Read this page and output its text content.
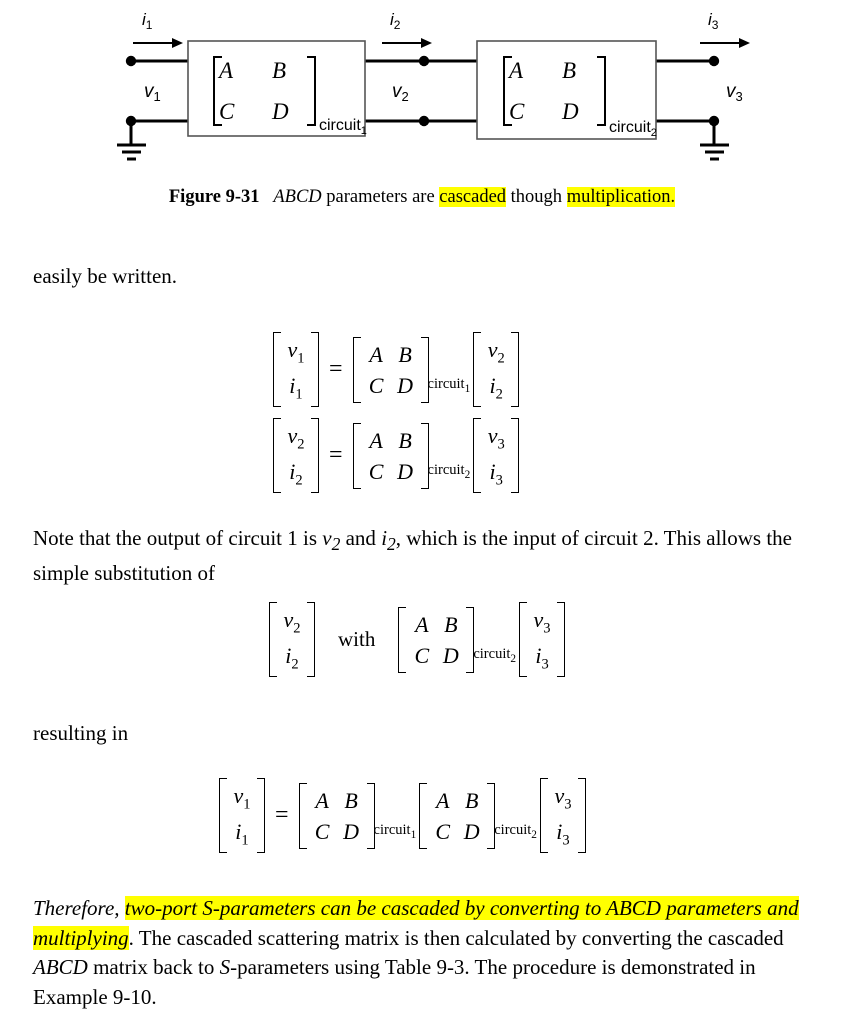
A B
C D
A B
C D
circuit$_1$	circuit$_2$
$i_1$	$i_2$	$i_3$
$v_1$	$v_2$	$v_3$
Figure 9-31 ABCD parameters are cascaded though multiplication.
easily be written.
$v_1$
$i_1$
=
A B
C D	circuit$_1$
$v_2$
$i_2$
$v_2$
$i_2$
=
A B
C D	circuit$_2$
$v_3$
$i_3$
Note that the output of circuit 1 is $v_2$ and $i_2$, which is the input of circuit 2. This allows the simple substitution of
$v_2$
$i_2$
with
A B
C D	circuit$_2$
$v_3$
$i_3$
resulting in
$v_1$
$i_1$
=
A B
C D	circuit$_1$
A B
C D	circuit$_2$
$v_3$
$i_3$
Therefore, two-port S-parameters can be cascaded by converting to ABCD parameters and multiplying. The cascaded scattering matrix is then calculated by converting the cascaded ABCD matrix back to S-parameters using Table 9-3. The procedure is demonstrated in Example 9-10.
